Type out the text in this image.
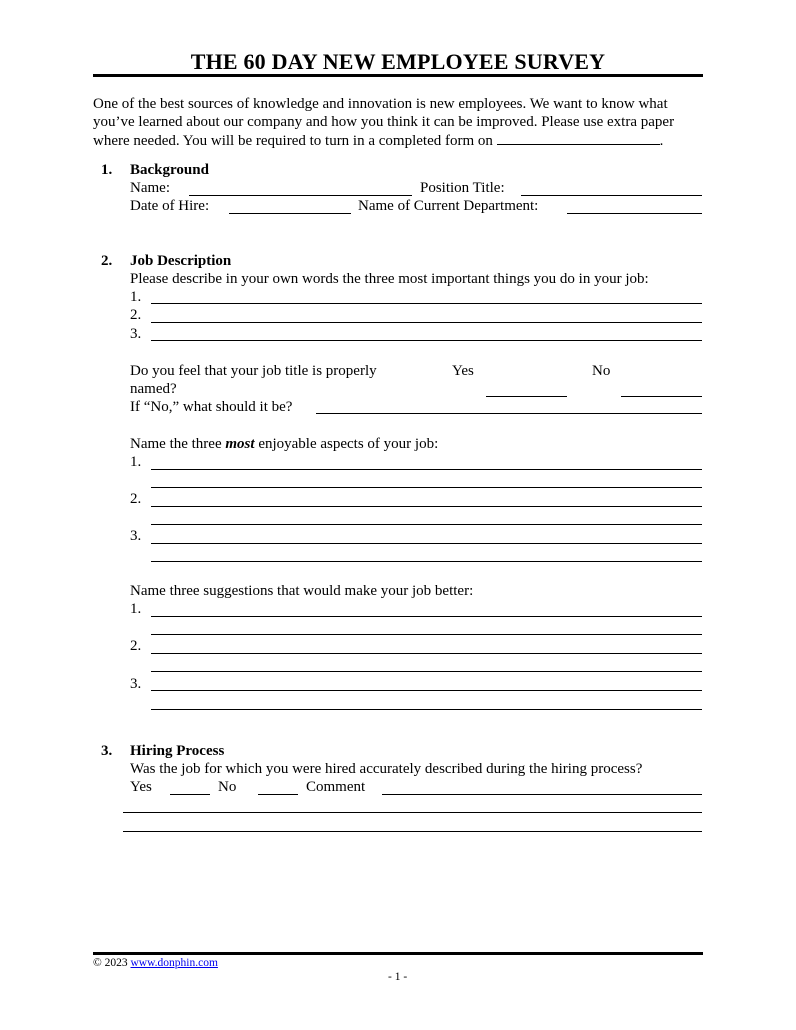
THE 60 DAY NEW EMPLOYEE SURVEY
One of the best sources of knowledge and innovation is new employees. We want to know what you’ve learned about our company and how you think it can be improved. Please use extra paper where needed. You will be required to turn in a completed form on	.
1. Background
Name:	Position Title:
Date of Hire:	Name of Current Department:
2. Job Description
Please describe in your own words the three most important things you do in your job:
1.
2.
3.
Do you feel that your job title is properly
named?
Yes	No
If “No,” what should it be?
Name the three most enjoyable aspects of your job:
1.
2.
3.
Name three suggestions that would make your job better:
1.
2.
3.
3. Hiring Process
Was the job for which you were hired accurately described during the hiring process?
Yes	No	Comment
© 2023 www.donphin.com
- 1 -
